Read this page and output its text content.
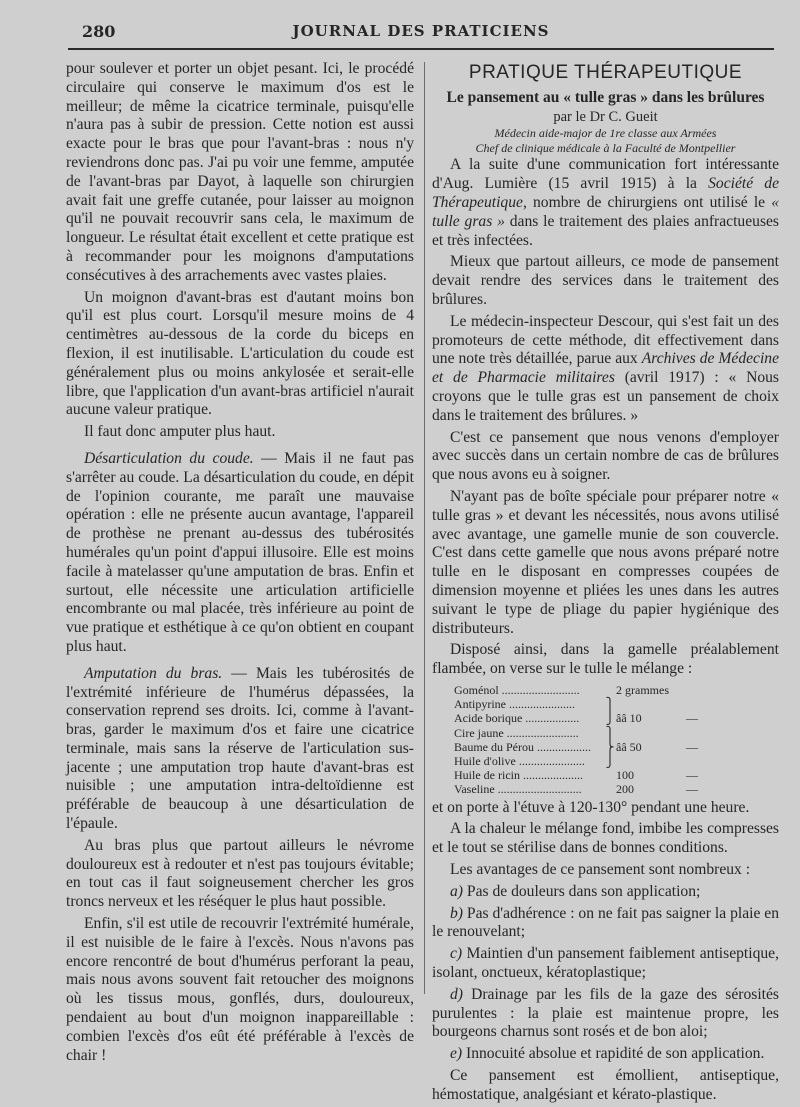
280	JOURNAL DES PRATICIENS

pour soulever et porter un objet pesant. Ici, le procédé circulaire qui conserve le maximum d'os est le meilleur; de même la cicatrice terminale, puisqu'elle n'aura pas à subir de pression. Cette notion est aussi exacte pour le bras que pour l'avant-bras : nous n'y reviendrons donc pas. J'ai pu voir une femme, amputée de l'avant-bras par Dayot, à laquelle son chirurgien avait fait une greffe cutanée, pour laisser au moignon qu'il ne pouvait recouvrir sans cela, le maximum de longueur. Le résultat était excellent et cette pratique est à recommander pour les moignons d'amputations consécutives à des arrachements avec vastes plaies.

Un moignon d'avant-bras est d'autant moins bon qu'il est plus court. Lorsqu'il mesure moins de 4 centimètres au-dessous de la corde du biceps en flexion, il est inutilisable. L'articulation du coude est généralement plus ou moins ankylosée et serait-elle libre, que l'application d'un avant-bras artificiel n'aurait aucune valeur pratique.

Il faut donc amputer plus haut.

Désarticulation du coude. — Mais il ne faut pas s'arrêter au coude. La désarticulation du coude, en dépit de l'opinion courante, me paraît une mauvaise opération : elle ne présente aucun avantage, l'appareil de prothèse ne prenant au-dessus des tubérosités humérales qu'un point d'appui illusoire. Elle est moins facile à matelasser qu'une amputation de bras. Enfin et surtout, elle nécessite une articulation artificielle encombrante ou mal placée, très inférieure au point de vue pratique et esthétique à ce qu'on obtient en coupant plus haut.

Amputation du bras. — Mais les tubérosités de l'extrémité inférieure de l'humérus dépassées, la conservation reprend ses droits. Ici, comme à l'avant-bras, garder le maximum d'os et faire une cicatrice terminale, mais sans la réserve de l'articulation sus-jacente ; une amputation trop haute d'avant-bras est nuisible ; une amputation intra-deltoïdienne est préférable de beaucoup à une désarticulation de l'épaule.

Au bras plus que partout ailleurs le névrome douloureux est à redouter et n'est pas toujours évitable; en tout cas il faut soigneusement chercher les gros troncs nerveux et les réséquer le plus haut possible.

Enfin, s'il est utile de recouvrir l'extrémité humérale, il est nuisible de le faire à l'excès. Nous n'avons pas encore rencontré de bout d'humérus perforant la peau, mais nous avons souvent fait retoucher des moignons où les tissus mous, gonflés, durs, douloureux, pendaient au bout d'un moignon inappareillable : combien l'excès d'os eût été préférable à l'excès de chair !

PRATIQUE THÉRAPEUTIQUE
Le pansement au « tulle gras » dans les brûlures
par le Dr C. Gueit
Médecin aide-major de 1re classe aux Armées
Chef de clinique médicale à la Faculté de Montpellier

A la suite d'une communication fort intéressante d'Aug. Lumière (15 avril 1915) à la Société de Thérapeutique, nombre de chirurgiens ont utilisé le « tulle gras » dans le traitement des plaies anfractueuses et très infectées.

Mieux que partout ailleurs, ce mode de pansement devait rendre des services dans le traitement des brûlures.

Le médecin-inspecteur Descour, qui s'est fait un des promoteurs de cette méthode, dit effectivement dans une note très détaillée, parue aux Archives de Médecine et de Pharmacie militaires (avril 1917) : « Nous croyons que le tulle gras est un pansement de choix dans le traitement des brûlures. »

C'est ce pansement que nous venons d'employer avec succès dans un certain nombre de cas de brûlures que nous avons eu à soigner.

N'ayant pas de boîte spéciale pour préparer notre « tulle gras » et devant les nécessités, nous avons utilisé avec avantage, une gamelle munie de son couvercle. C'est dans cette gamelle que nous avons préparé notre tulle en le disposant en compresses coupées de dimension moyenne et pliées les unes dans les autres suivant le type de pliage du papier hygiénique des distributeurs.

Disposé ainsi, dans la gamelle préalablement flambée, on verse sur le tulle le mélange :

Goménol ..........................	2 grammes
Antipyrine ......................	⎫
Acide borique ..................	⎭ ââ 10	—
Cire jaune ........................	⎫
Baume du Pérou ..................	⎬ ââ 50	—
Huile d'olive ......................	⎭
Huile de ricin ....................	100	—
Vaseline ............................	200	—

et on porte à l'étuve à 120-130° pendant une heure.

A la chaleur le mélange fond, imbibe les compresses et le tout se stérilise dans de bonnes conditions.

Les avantages de ce pansement sont nombreux :

a) Pas de douleurs dans son application;

b) Pas d'adhérence : on ne fait pas saigner la plaie en le renouvelant;

c) Maintien d'un pansement faiblement antiseptique, isolant, onctueux, kératoplastique;

d) Drainage par les fils de la gaze des sérosités purulentes : la plaie est maintenue propre, les bourgeons charnus sont rosés et de bon aloi;

e) Innocuité absolue et rapidité de son application.

Ce pansement est émollient, antiseptique, hémostatique, analgésiant et kérato-plastique.
